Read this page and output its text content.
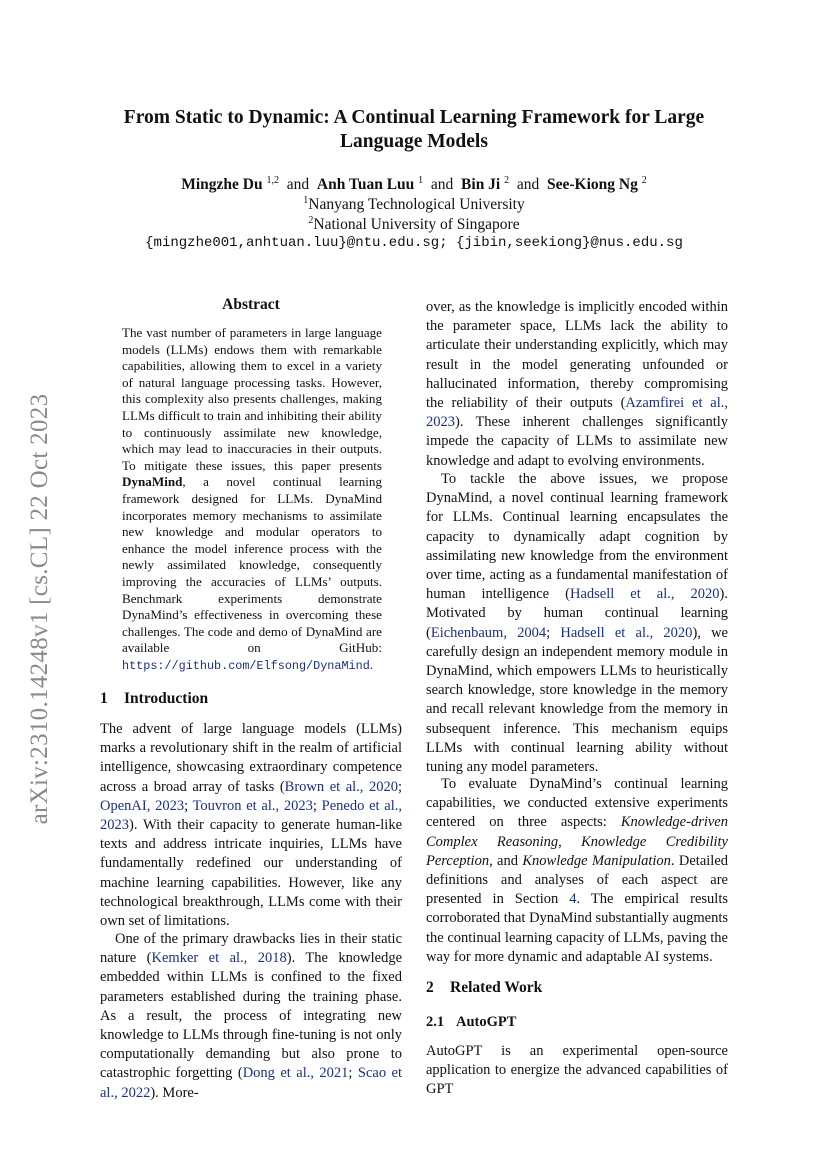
arXiv:2310.14248v1 [cs.CL] 22 Oct 2023
From Static to Dynamic: A Continual Learning Framework for Large
Language Models
Mingzhe Du $^{1,2}$ and Anh Tuan Luu $^1$ and Bin Ji $^2$ and See-Kiong Ng $^2$
$^1$Nanyang Technological University
$^2$National University of Singapore
{mingzhe001,anhtuan.luu}@ntu.edu.sg; {jibin,seekiong}@nus.edu.sg
Abstract
The vast number of parameters in large language models (LLMs) endows them with remarkable capabilities, allowing them to excel in a variety of natural language processing tasks. However, this complexity also presents challenges, making LLMs difficult to train and inhibiting their ability to continuously assimilate new knowledge, which may lead to inaccuracies in their outputs. To mitigate these issues, this paper presents DynaMind, a novel continual learning framework designed for LLMs. DynaMind incorporates memory mechanisms to assimilate new knowledge and modular operators to enhance the model inference process with the newly assimilated knowledge, consequently improving the accuracies of LLMs’ outputs. Benchmark experiments demonstrate DynaMind’s effectiveness in overcoming these challenges. The code and demo of DynaMind are available on GitHub: https://github.com/Elfsong/DynaMind.
1 Introduction
The advent of large language models (LLMs) marks a revolutionary shift in the realm of artificial intelligence, showcasing extraordinary competence across a broad array of tasks (Brown et al., 2020; OpenAI, 2023; Touvron et al., 2023; Penedo et al., 2023). With their capacity to generate human-like texts and address intricate inquiries, LLMs have fundamentally redefined our understanding of machine learning capabilities. However, like any technological breakthrough, LLMs come with their own set of limitations.
One of the primary drawbacks lies in their static nature (Kemker et al., 2018). The knowledge embedded within LLMs is confined to the fixed parameters established during the training phase. As a result, the process of integrating new knowledge to LLMs through fine-tuning is not only computationally demanding but also prone to catastrophic forgetting (Dong et al., 2021; Scao et al., 2022). More-
over, as the knowledge is implicitly encoded within the parameter space, LLMs lack the ability to articulate their understanding explicitly, which may result in the model generating unfounded or hallucinated information, thereby compromising the reliability of their outputs (Azamfirei et al., 2023). These inherent challenges significantly impede the capacity of LLMs to assimilate new knowledge and adapt to evolving environments.
To tackle the above issues, we propose DynaMind, a novel continual learning framework for LLMs. Continual learning encapsulates the capacity to dynamically adapt cognition by assimilating new knowledge from the environment over time, acting as a fundamental manifestation of human intelligence (Hadsell et al., 2020). Motivated by human continual learning (Eichenbaum, 2004; Hadsell et al., 2020), we carefully design an independent memory module in DynaMind, which empowers LLMs to heuristically search knowledge, store knowledge in the memory and recall relevant knowledge from the memory in subsequent inference. This mechanism equips LLMs with continual learning ability without tuning any model parameters.
To evaluate DynaMind’s continual learning capabilities, we conducted extensive experiments centered on three aspects: Knowledge-driven Complex Reasoning, Knowledge Credibility Perception, and Knowledge Manipulation. Detailed definitions and analyses of each aspect are presented in Section 4. The empirical results corroborated that DynaMind substantially augments the continual learning capacity of LLMs, paving the way for more dynamic and adaptable AI systems.
2 Related Work
2.1 AutoGPT
AutoGPT is an experimental open-source application to energize the advanced capabilities of GPT
